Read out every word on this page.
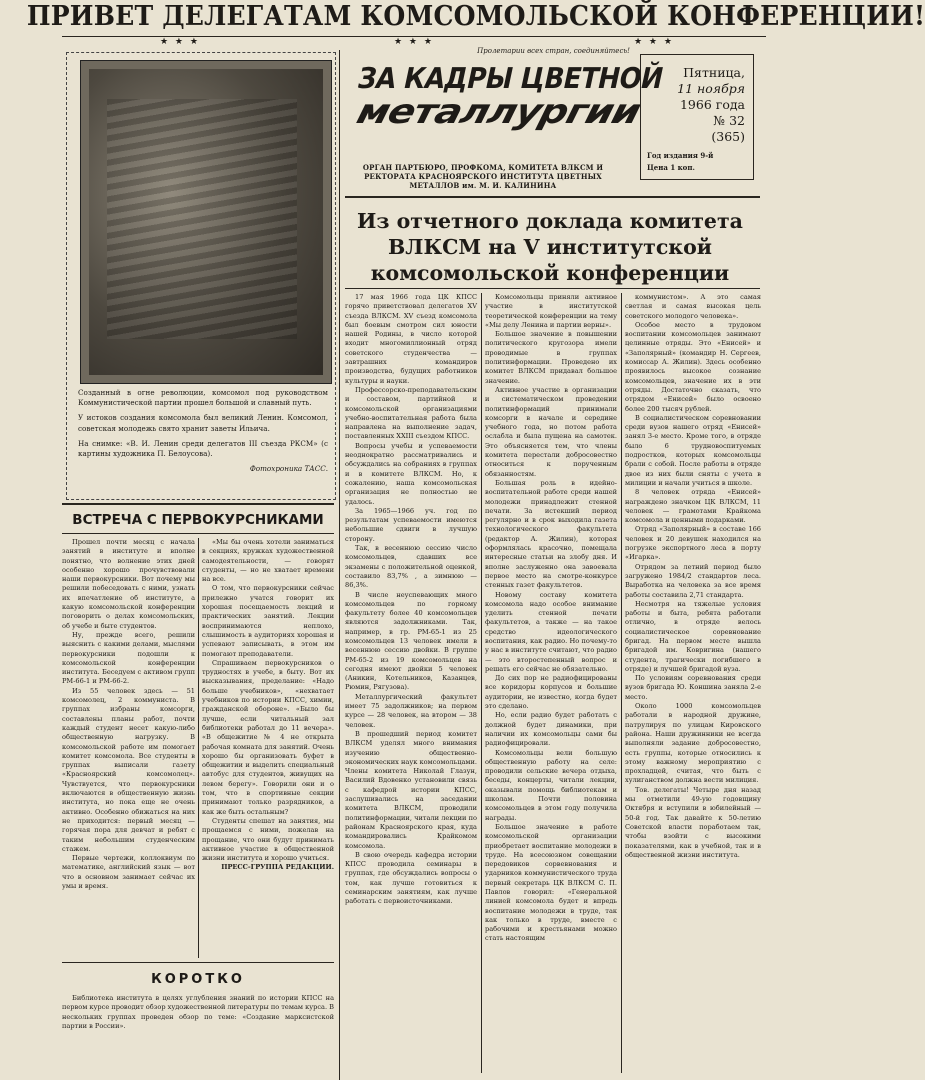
ПРИВЕТ ДЕЛЕГАТАМ КОМСОМОЛЬСКОЙ КОНФЕРЕНЦИИ!
★ ★ ★	★ ★ ★	★ ★ ★
Пролетарии всех стран, соединяйтесь!
ЗА КАДРЫ ЦВЕТНОЙ
металлургии
ОРГАН ПАРТБЮРО, ПРОФКОМА, КОМИТЕТА ВЛКСМ И РЕКТОРАТА КРАСНОЯРСКОГО ИНСТИТУТА ЦВЕТНЫХ МЕТАЛЛОВ им. М. И. КАЛИНИНА
Пятница,
11 ноября
1966 года
№ 32
(365)
Год издания 9-й
Цена 1 коп.

Созданный в огне революции, комсомол под руководством Коммунистической партии прошел большой и славный путь.

У истоков создания комсомола был великий Ленин. Комсомол, советская молодежь свято хранит заветы Ильича.

На снимке: «В. И. Ленин среди делегатов III съезда РКСМ» (с картины художника П. Белоусова).

Фотохроника ТАСС.

ВСТРЕЧА С ПЕРВОКУРСНИКАМИ

Прошел почти месяц с начала занятий в институте и вполне понятно, что волнение этих дней особенно хорошо прочувствовали наши первокурсники. Вот почему мы решили побеседовать с ними, узнать их впечатление об институте, а какую комсомольской конференции поговорить о делах комсомольских, об учебе и быте студентов.

Ну, прежде всего, решили выяснить с какими делами, мыслями первокурсники подошли к комсомольской конференции института. Беседуем с активом групп РМ-66-1 и РМ-66-2.

Из 55 человек здесь — 51 комсомолец, 2 коммуниста. В группах избраны комсорги, составлены планы работ, почти каждый студент несет какую-либо общественную нагрузку. В комсомольской работе им помогает комитет комсомола. Все студенты в группах выписали газету «Красноярский комсомолец». Чувствуется, что первокурсники включаются в общественную жизнь института, но пока еще не очень активно. Особенно обижаться на них не приходится: первый месяц — горячая пора для девчат и ребят с таким небольшим студенческим стажем.

Первые чертежи, коллоквиум по математике, английский язык — вот что в основном занимает сейчас их умы и время.

«Мы бы очень хотели заниматься в секциях, кружках художественной самодеятельности, — говорят студенты, — но не хватает времени на все.

О том, что первокурсники сейчас прилежно учатся говорит их хорошая посещаемость лекций и практических занятий. Лекции воспринимаются неплохо, слышимость в аудиториях хорошая и успевают записывать, в этом им помогают преподаватели.

Спрашиваем первокурсников о трудностях в учебе, в быту. Вот их высказывания, пределание: «Надо больше учебников», «нехватает учебников по истории КПСС, химии, гражданской обороне». «Было бы лучше, если читальный зал библиотеки работал до 11 вечера». «В общежитие № 4 не открыта рабочая комната для занятий. Очень хорошо бы организовать буфет в общежитии и выделить специальный автобус для студентов, живущих на левом берегу». Говорили они и о том, что в спортивные секции принимают только разрядников, а как же быть остальным?

Студенты спешат на занятия, мы прощаемся с ними, пожелав на прощание, что они будут принимать активное участие в общественной жизни института и хорошо учиться.

ПРЕСС-ГРУППА РЕДАКЦИИ.

КОРОТКО

Библиотека института в целях углубления знаний по истории КПСС на первом курсе проводит обзор художественной литературы по темам курса. В нескольких группах проведен обзор по теме: «Создание марксистской партии в России».

Из отчетного доклада комитета ВЛКСМ на V институтской комсомольской конференции

17 мая 1966 года ЦК КПСС горячо приветствовал делегатов XV съезда ВЛКСМ. XV съезд комсомола был боевым смотром сил юности нашей Родины, в число которой входит многомиллионный отряд советского студенчества — завтрашних командиров производства, будущих работников культуры и науки.

Профессорско-преподавательским и составом, партийной и комсомольской организациями учебно-воспитательная работа была направлена на выполнение задач, поставленных XXIII съездом КПСС.

Вопросы учебы и успеваемости неоднократно рассматривались и обсуждались на собраниях в группах и в комитете ВЛКСМ. Но, к сожалению, наша комсомольская организация не полностью не удалось.

За 1965—1966 уч. год по результатам успеваемости имеются небольшие сдвиги в лучшую сторону.

Так, в весеннюю сессию число комсомольцев, сдавших все экзамены с положительной оценкой, составило 83,7% , а зимнюю — 86,3%.

В числе неуспевающих много комсомольцев по горному факультету более 40 комсомольцев являются задолжниками. Так, например, в гр. РМ-65-1 из 25 комсомольцев 13 человек имели в весеннюю сессию двойки. В группе РМ-65-2 из 19 комсомольцев на сегодня имеют двойки 5 человек (Аникин, Котельников, Казанцев, Рюмин, Рягузова).

Металлургический факультет имеет 75 задолжников; на первом курсе — 28 человек, на втором — 38 человек.

В прошедший период комитет ВЛКСМ уделял много внимания изучению общественно-экономических наук комсомольцами. Члены комитета Николай Глазун, Василий Вдовенко установили связь с кафедрой истории КПСС, заслушивались на заседании комитета ВЛКСМ, проводили политинформации, читали лекции по районам Красноярского края, куда командировались Крайкомом комсомола.

В свою очередь кафедра истории КПСС проводила семинары в группах, где обсуждались вопросы о том, как лучше готовиться к семинарским занятиям, как лучше работать с первоисточниками.

Комсомольцы приняли активное участие в институтской теоретической конференции на тему «Мы делу Ленина и партии верны».

Большое значение в повышении политического кругозора имели проводимые в группах политинформации. Проведено их комитет ВЛКСМ придавал большое значение.

Активное участие в организации и систематическом проведении политинформаций принимали комсорги в начале и середине учебного года, но потом работа ослабла и была пущена на самотек. Это объясняется тем, что члены комитета перестали добросовестно относиться к порученным обязанностям.

Большая роль в идейно-воспитательной работе среди нашей молодежи принадлежит стенной печати. За истекший период регулярно и в срок выходила газета технологического факультета (редактор А. Жилин), которая оформлялась красочно, помещала интересные статьи на злобу дня. И вполне заслуженно она завоевала первое место на смотре-конкурсе стенных газет факультетов.

Новому составу комитета комсомола надо особое внимание уделить стенной печати факультетов, а также — на такое средство идеологического воспитания, как радио. Но почему-то у нас в институте считают, что радио — это второстепенный вопрос и решать его сейчас не обязательно.

До сих пор не радиофицированы все коридоры корпусов и большие аудитории, не известно, когда будет это сделано.

Но, если радио будет работать с должной будет динамики, при наличии их комсомольцы сами бы радиофицировали.

Комсомольцы вели большую общественную работу на селе: проводили сельские вечера отдыха, беседы, концерты, читали лекции, оказывали помощь библиотекам и школам. Почти половина комсомольцев в этом году получила награды.

Большое значение в работе комсомольской организации приобретает воспитание молодежи в труде. На всесоюзном совещании передовиков сорвевнования и ударников коммунистического труда первый секретарь ЦК ВЛКСМ С. П. Павлов говорил: «Генеральной линией комсомола будет и впредь воспитание молодежи в труде, так как только в труде, вместе с рабочими и крестьянами можно стать настоящим

коммунистом». А это самая светлая и самая высокая цель советского молодого человека».

Особое место в трудовом воспитании комсомольцев занимают целинные отряды. Это «Енисей» и «Заполярный» (командир Н. Сергеев, комиссар А. Жилин). Здесь особенно проявилось высокое сознание комсомольцев, значение их в эти отряды. Достаточно сказать, что отрядом «Енисей» было освоено более 200 тысяч рублей.

В социалистическом соревновании среди вузов нашего отряд «Енисей» занял 3-е место. Кроме того, в отряде было 6 трудновоспитуемых подростков, которых комсомольцы брали с собой. После работы в отряде двое из них были сняты с учета в милиции и начали учиться в школе.

8 человек отряда «Енисей» награждено значком ЦК ВЛКСМ, 11 человек — грамотами Крайкома комсомола и ценными подарками.

Отряд «Заполярный» в составе 166 человек и 20 девушек находился на погрузке экспортного леса в порту «Игарка».

Отрядом за летний период было загружено 1984/2 стандартов леса. Выработка на человека за все время работы составила 2,71 стандарта.

Несмотря на тяжелые условия работы и быта, ребята работали отлично, в отряде велось социалистическое соревнование бригад. На первом месте вышла бригадой им. Ковригина (нашего студента, трагически погибшего в отряде) и лучшей бригадой вуза.

По условиям соревнования среди вузов бригада Ю. Коншина заняла 2-е место.

Около 1000 комсомольцев работали в народной дружине, патрулируя по улицам Кировского района. Наши дружинники не всегда выполняли задание добросовестно, есть группы, которые относились к этому важному мероприятию с прохладцей, считая, что быть с хулиганством должна вести милиция.

Тов. делегаты! Четыре дня назад мы отметили 49-ую годовщину Октября и вступили в юбилейный — 50-й год. Так давайте к 50-летию Советской власти поработаем так, чтобы взойти с высокими показателями, как в учебной, так и в общественной жизни института.
